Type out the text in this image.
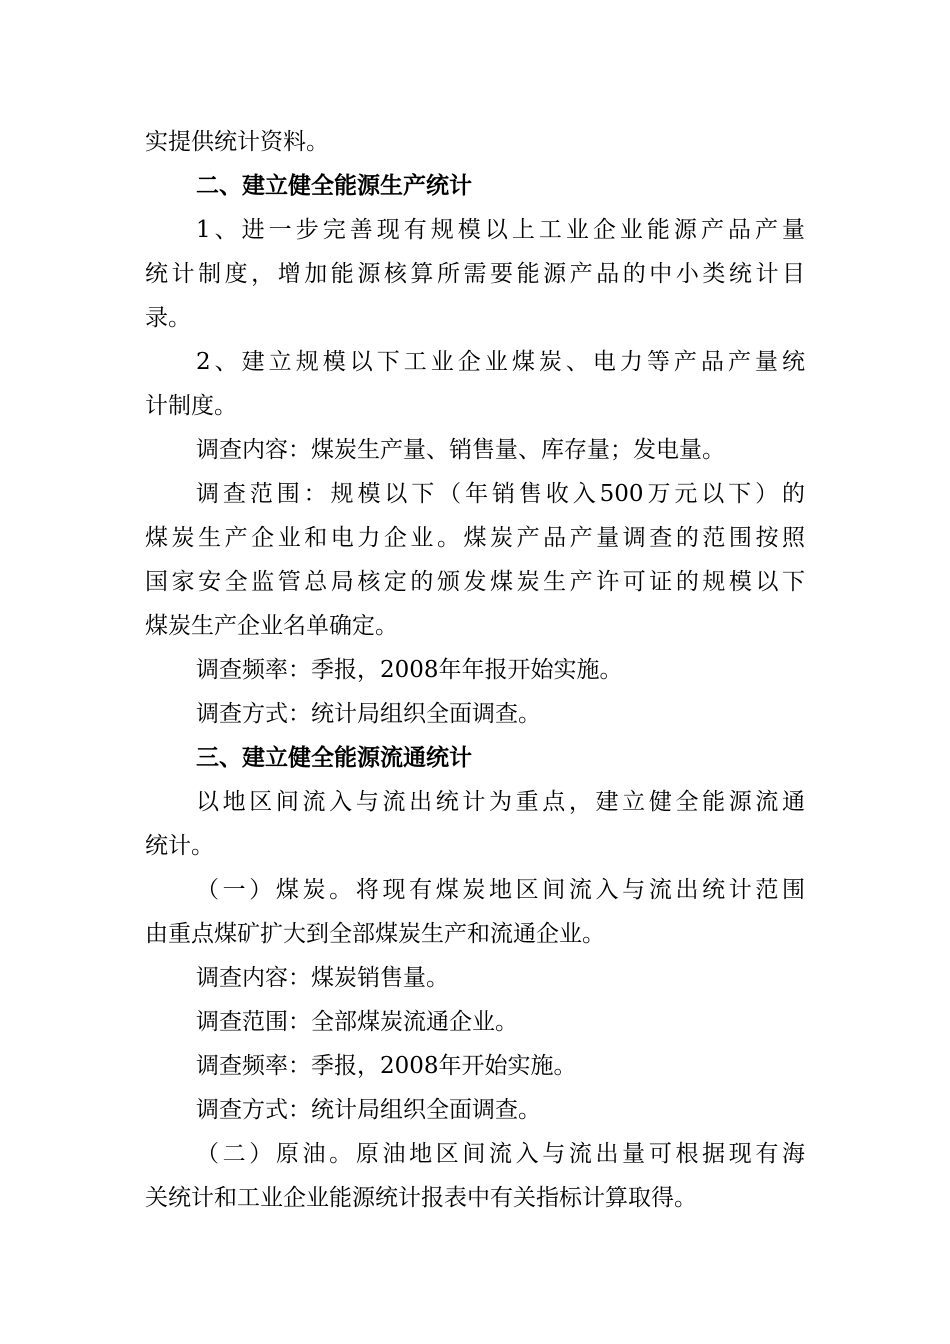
实提供统计资料。
二、建立健全能源生产统计
1、进一步完善现有规模以上工业企业能源产品产量
统计制度，增加能源核算所需要能源产品的中小类统计目
录。
2、建立规模以下工业企业煤炭、电力等产品产量统
计制度。
调查内容：煤炭生产量、销售量、库存量；发电量。
调查范围：规模以下（年销售收入500万元以下）的
煤炭生产企业和电力企业。煤炭产品产量调查的范围按照
国家安全监管总局核定的颁发煤炭生产许可证的规模以下
煤炭生产企业名单确定。
调查频率：季报，2008年年报开始实施。
调查方式：统计局组织全面调查。
三、建立健全能源流通统计
以地区间流入与流出统计为重点，建立健全能源流通
统计。
（一）煤炭。将现有煤炭地区间流入与流出统计范围
由重点煤矿扩大到全部煤炭生产和流通企业。
调查内容：煤炭销售量。
调查范围：全部煤炭流通企业。
调查频率：季报，2008年开始实施。
调查方式：统计局组织全面调查。
（二）原油。原油地区间流入与流出量可根据现有海
关统计和工业企业能源统计报表中有关指标计算取得。
